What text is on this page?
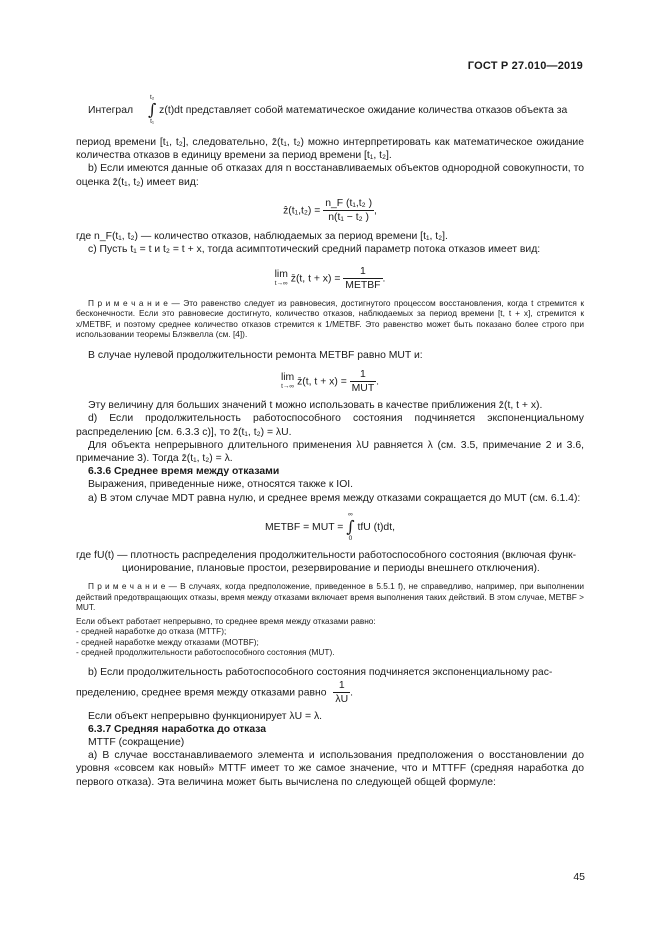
ГОСТ Р 27.010—2019

Интеграл
t₂
∫
t₁
z(t)dt представляет собой математическое ожидание количества отказов объекта за

период времени [t₁, t₂], следовательно, z̄(t₁, t₂) можно интерпретировать как математическое ожидание количества отказов в единицу времени за период времени [t₁, t₂].

b) Если имеются данные об отказах для n восстанавливаемых объектов однородной совокупности, то оценка z̄(t₁, t₂) имеет вид:

ẑ(t₁,t₂) = $\frac{\text{n\_F (t₁,t₂ )}}{\text{n(t₁ − t₂ )}}$ ,

где n_F(t₁, t₂) — количество отказов, наблюдаемых за период времени [t₁, t₂].

c) Пусть t₁ = t и t₂ = t + x, тогда асимптотический средний параметр потока отказов имеет вид:

lim
t→∞ z̄(t, $t + x) = \frac{1}{\text{METBF}}$ .

П р и м е ч а н и е — Это равенство следует из равновесия, достигнутого процессом восстановления, когда t стремится к бесконечности. Если это равновесие достигнуто, количество отказов, наблюдаемых за период времени [t, t + x], стремится к x/METBF, и поэтому среднее количество отказов стремится к 1/METBF. Это равенство может быть показано более строго при использовании теоремы Блэквелла (см. [4]).

В случае нулевой продолжительности ремонта METBF равно MUT и:

lim
t→∞ z̄(t, $t + x) = \frac{1}{\text{MUT}}$ .

Эту величину для больших значений t можно использовать в качестве приближения z̄(t, t + x).

d) Если продолжительность работоспособного состояния подчиняется экспоненциальному распределению [см. 6.3.3 c)], то z̄(t₁, t₂) = λU.

Для объекта непрерывного длительного применения λU равняется λ (см. 3.5, примечание 2 и 3.6, примечание 3). Тогда z̄(t₁, t₂) = λ.

6.3.6 Среднее время между отказами

Выражения, приведенные ниже, относятся также к IOI.

a) В этом случае MDT равна нулю, и среднее время между отказами сокращается до MUT (см. 6.1.4):

METBF = MUT =
∞
∫
0
tfU (t)dt,

где fU(t) — плотность распределения продолжительности работоспособного состояния (включая функ-

ционирование, плановые простои, резервирование и периоды внешнего отключения).

П р и м е ч а н и е — В случаях, когда предположение, приведенное в 5.5.1 f), не справедливо, например, при выполнении действий предотвращающих отказы, время между отказами включает время выполнения таких действий. В этом случае, METBF > MUT.

Если объект работает непрерывно, то среднее время между отказами равно:

- средней наработке до отказа (MTTF);

- средней наработке между отказами (MOTBF);

- средней продолжительности работоспособного состояния (MUT).

b) Если продолжительность работоспособного состояния подчиняется экспоненциальному рас-

пределению, среднее время между отказами равно $\frac{1}{\lambda U}$ .

Если объект непрерывно функционирует λU = λ.

6.3.7 Средняя наработка до отказа

MTTF (сокращение)

a) В случае восстанавливаемого элемента и использования предположения о восстановлении до уровня «совсем как новый» MTTF имеет то же самое значение, что и MTTFF (средняя наработка до первого отказа). Эта величина может быть вычислена по следующей общей формуле:

45
